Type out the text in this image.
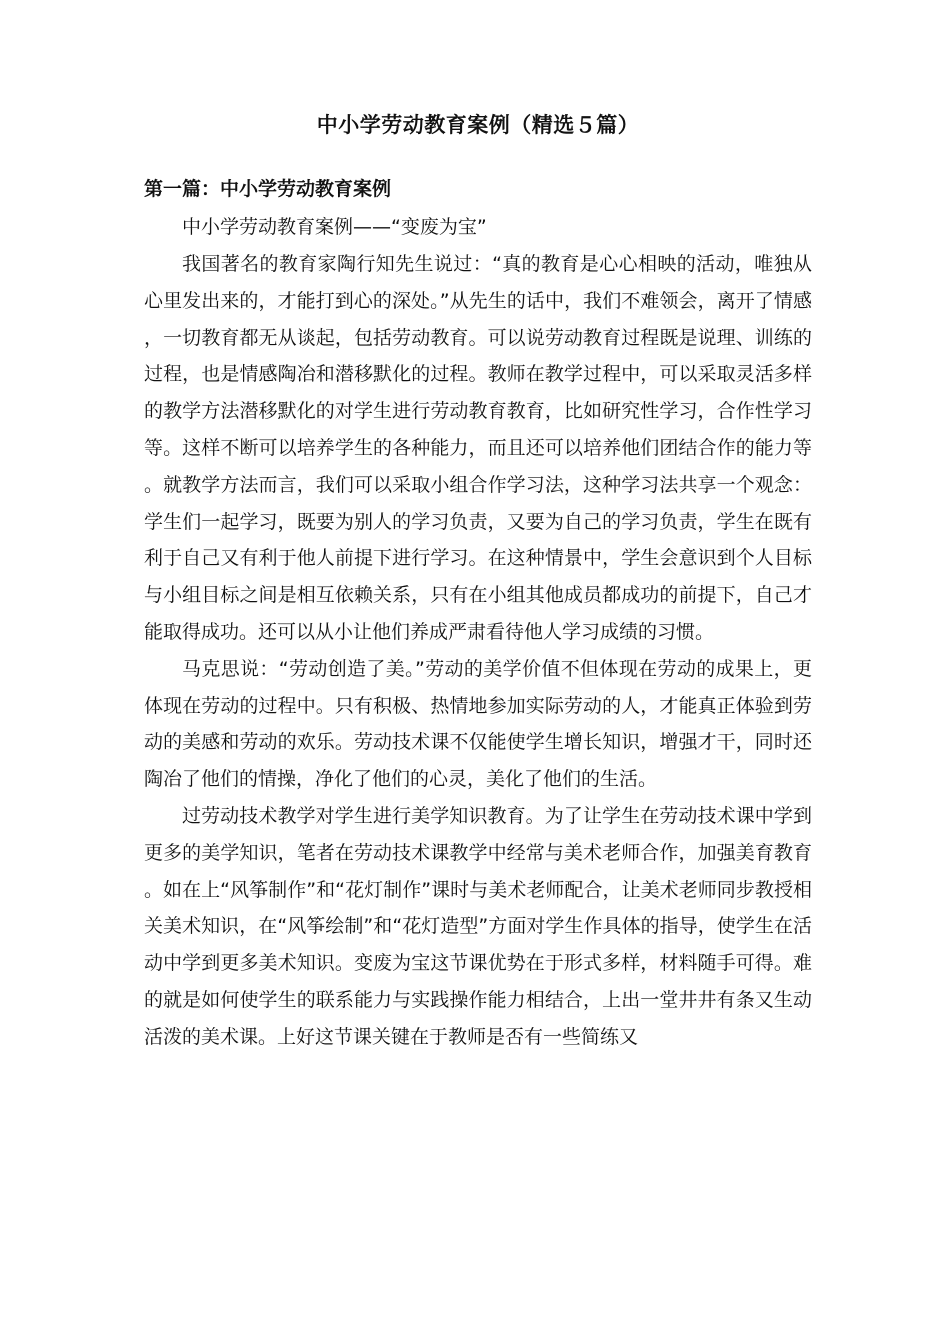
中小学劳动教育案例（精选５篇）
第一篇：中小学劳动教育案例
中小学劳动教育案例——“变废为宝”

我国著名的教育家陶行知先生说过：“真的教育是心心相映的活动，唯独从心里发出来的，才能打到心的深处。”从先生的话中，我们不难领会，离开了情感，一切教育都无从谈起，包括劳动教育。可以说劳动教育过程既是说理、训练的过程，也是情感陶冶和潜移默化的过程。教师在教学过程中，可以采取灵活多样的教学方法潜移默化的对学生进行劳动教育教育，比如研究性学习，合作性学习等。这样不断可以培养学生的各种能力，而且还可以培养他们团结合作的能力等。就教学方法而言，我们可以采取小组合作学习法，这种学习法共享一个观念：学生们一起学习，既要为别人的学习负责，又要为自己的学习负责，学生在既有利于自己又有利于他人前提下进行学习。在这种情景中，学生会意识到个人目标与小组目标之间是相互依赖关系，只有在小组其他成员都成功的前提下，自己才能取得成功。还可以从小让他们养成严肃看待他人学习成绩的习惯。

马克思说：“劳动创造了美。”劳动的美学价值不但体现在劳动的成果上，更体现在劳动的过程中。只有积极、热情地参加实际劳动的人，才能真正体验到劳动的美感和劳动的欢乐。劳动技术课不仅能使学生增长知识，增强才干，同时还陶冶了他们的情操，净化了他们的心灵，美化了他们的生活。

过劳动技术教学对学生进行美学知识教育。为了让学生在劳动技术课中学到更多的美学知识，笔者在劳动技术课教学中经常与美术老师合作，加强美育教育。如在上“风筝制作”和“花灯制作”课时与美术老师配合，让美术老师同步教授相关美术知识，在“风筝绘制”和“花灯造型”方面对学生作具体的指导，使学生在活动中学到更多美术知识。变废为宝这节课优势在于形式多样，材料随手可得。难的就是如何使学生的联系能力与实践操作能力相结合，上出一堂井井有条又生动活泼的美术课。上好这节课关键在于教师是否有一些简练又
